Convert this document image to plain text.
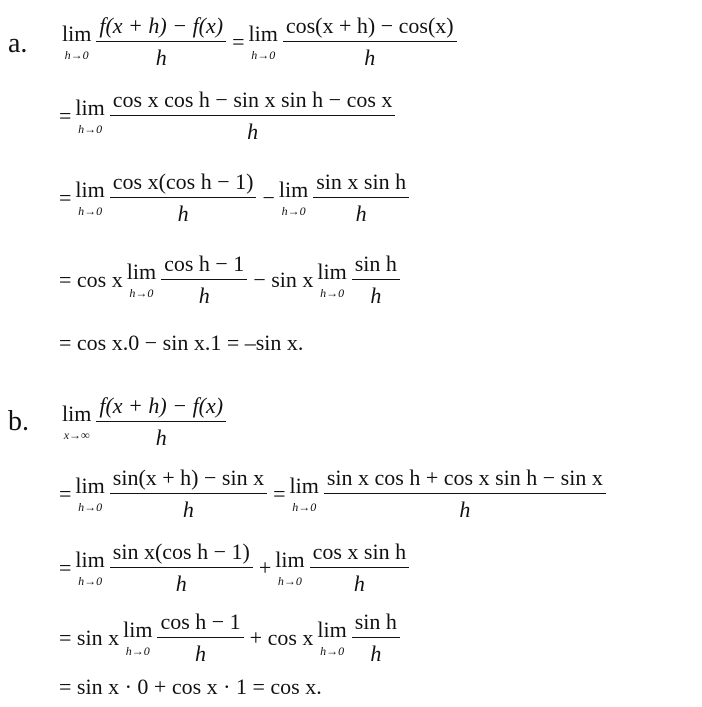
a. lim
$h\to 0 \frac{f(x + h) - f(x)}{h} = \lim$
$h\to 0 \frac{\cos(x + h) - \cos(x)}{h}$
= lim
$h\to 0 \frac{\text{cos x cos h − sin x sin h − cos x}}{h}$
= lim
$h\to 0 \frac{\text{cos x(cos h − 1)}}{h} - \lim$
$h\to 0 \frac{\text{sin x sin h}}{h}$
= cos x lim
$h\to 0 \frac{\text{cos h − 1}}{h} - \sin x$ lim
$h\to 0 \frac{\text{sin h}}{h}$
= cos x.0 − sin x.1 = –sin x.
b. lim
$x\to\infty \frac{f(x + h) - f(x)}{h}$
= lim
$h\to 0 \frac{\text{sin(x + h) − sin x}}{h} = \lim$
$h\to 0 \frac{\text{sin x cos h + cos x sin h − sin x}}{h}$
= lim
$h\to 0 \frac{\text{sin x(cos h − 1)}}{h} + \lim$
$h\to 0 \frac{\text{cos x sin h}}{h}$
= sin x lim
$h\to 0 \frac{\text{cos h − 1}}{h} + \cos x$ lim
$h\to 0 \frac{\text{sin h}}{h}$
= sin x · 0 + cos x · 1 = cos x.
